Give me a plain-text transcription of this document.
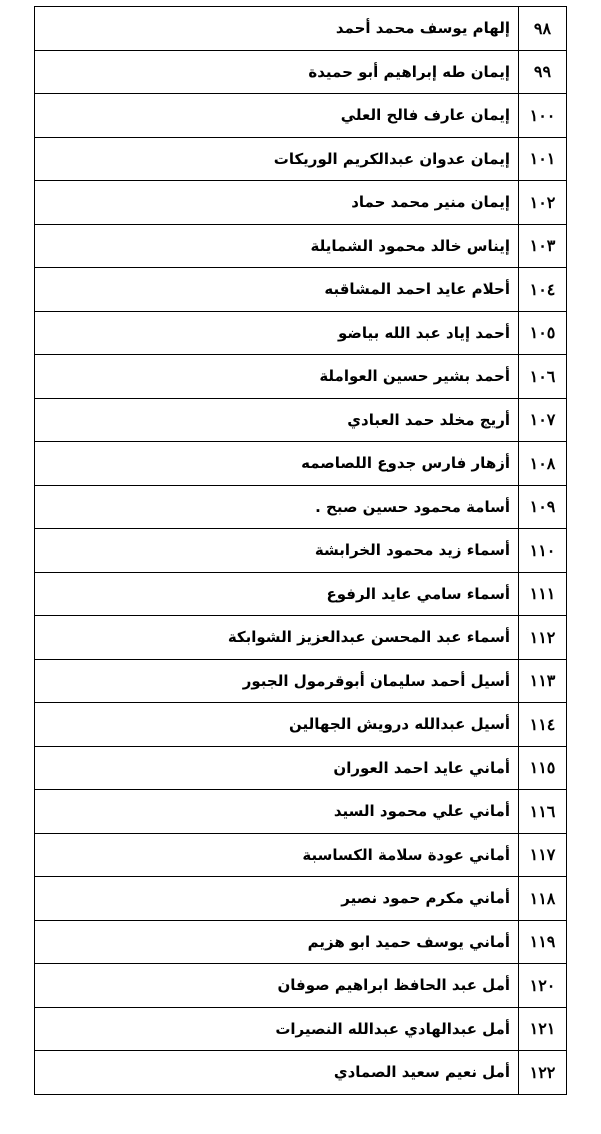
٩٨	إلهام يوسف محمد أحمد
٩٩	إيمان طه إبراهيم أبو حميدة
١٠٠	إيمان عارف فالح العلي
١٠١	إيمان عدوان عبدالكريم الوريكات
١٠٢	إيمان منير محمد حماد
١٠٣	إيناس خالد محمود الشمايلة
١٠٤	أحلام عايد احمد المشاقبه
١٠٥	أحمد إياد عبد الله بياضو
١٠٦	أحمد بشير حسين العواملة
١٠٧	أريج مخلد حمد العبادي
١٠٨	أزهار فارس جدوع اللصاصمه
١٠٩	أسامة محمود حسين صبح .
١١٠	أسماء زيد محمود الخرابشة
١١١	أسماء سامي عايد الرفوع
١١٢	أسماء عبد المحسن عبدالعزيز الشوابكة
١١٣	أسيل أحمد سليمان أبوقرمول الجبور
١١٤	أسيل عبدالله درويش الجهالين
١١٥	أماني عايد احمد العوران
١١٦	أماني علي محمود السيد
١١٧	أماني عودة سلامة الكساسبة
١١٨	أماني مكرم حمود نصير
١١٩	أماني يوسف حميد ابو هزيم
١٢٠	أمل عبد الحافظ ابراهيم صوفان
١٢١	أمل عبدالهادي عبدالله النصيرات
١٢٢	أمل نعيم سعيد الصمادي
